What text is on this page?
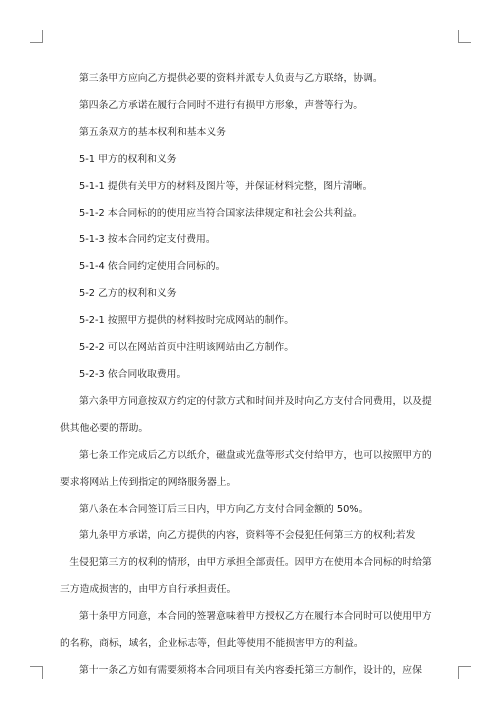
第三条甲方应向乙方提供必要的资料并派专人负责与乙方联络，协调。

第四条乙方承诺在履行合同时不进行有损甲方形象，声誉等行为。

第五条双方的基本权利和基本义务

5-1 甲方的权利和义务

5-1-1 提供有关甲方的材料及图片等，并保证材料完整，图片清晰。

5-1-2 本合同标的的使用应当符合国家法律规定和社会公共利益。

5-1-3 按本合同约定支付费用。

5-1-4 依合同约定使用合同标的。

5-2 乙方的权利和义务

5-2-1 按照甲方提供的材料按时完成网站的制作。

5-2-2 可以在网站首页中注明该网站由乙方制作。

5-2-3 依合同收取费用。

第六条甲方同意按双方约定的付款方式和时间并及时向乙方支付合同费用，以及提供其他必要的帮助。

第七条工作完成后乙方以纸介，磁盘或光盘等形式交付给甲方，也可以按照甲方的要求将网站上传到指定的网络服务器上。

第八条在本合同签订后三日内，甲方向乙方支付合同金额的 50%。

第九条甲方承诺，向乙方提供的内容，资料等不会侵犯任何第三方的权利;若发
生侵犯第三方的权利的情形，由甲方承担全部责任。因甲方在使用本合同标的时给第三方造成损害的，由甲方自行承担责任。

第十条甲方同意，本合同的签署意味着甲方授权乙方在履行本合同时可以使用甲方的名称，商标，域名，企业标志等，但此等使用不能损害甲方的利益。

第十一条乙方如有需要须将本合同项目有关内容委托第三方制作，设计的，应保
